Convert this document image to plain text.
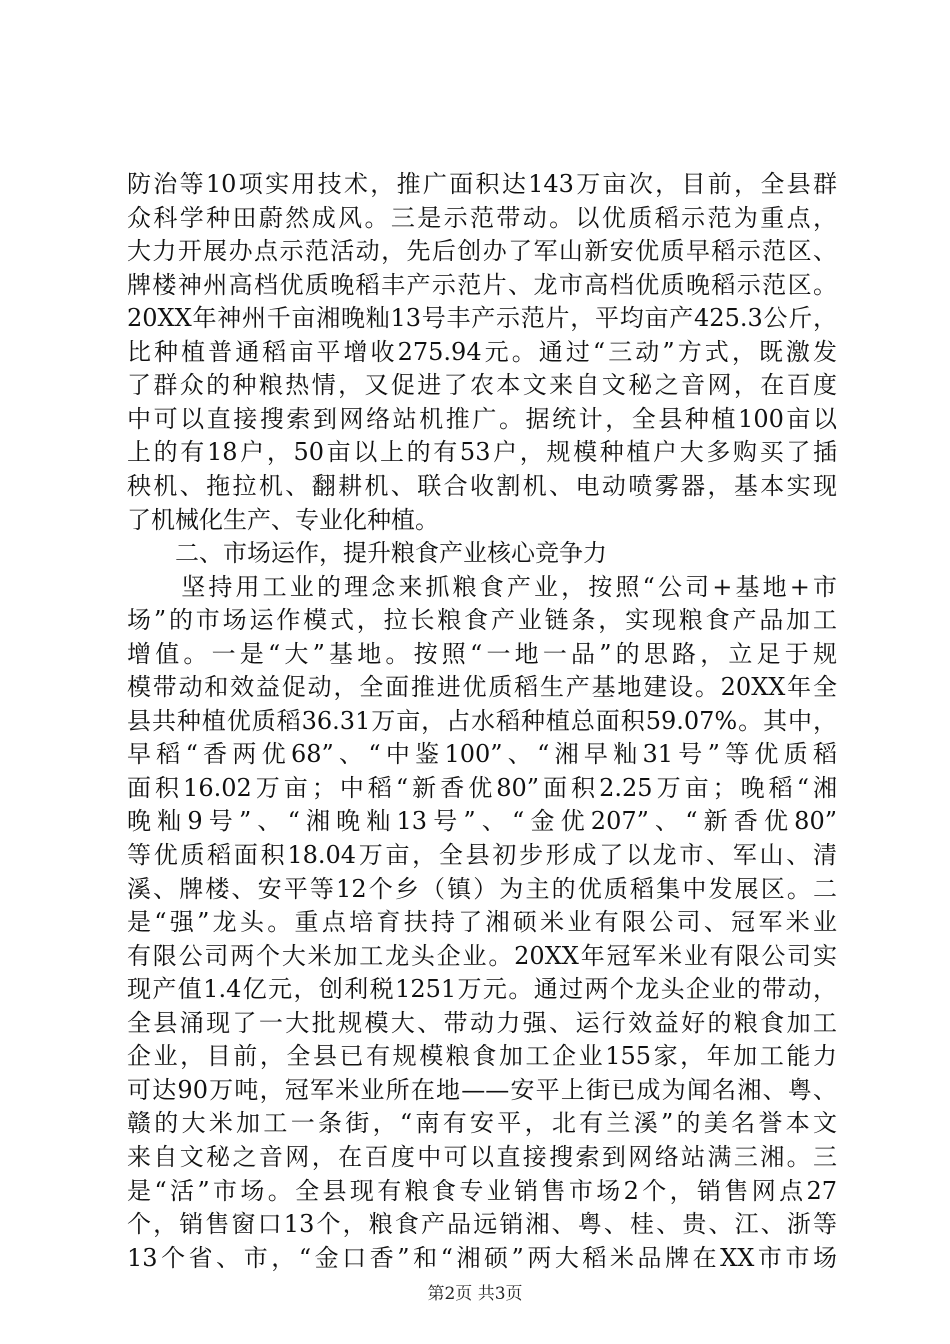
防治等10项实用技术，推广面积达143万亩次，目前，全县群
众科学种田蔚然成风。三是示范带动。以优质稻示范为重点，
大力开展办点示范活动，先后创办了军山新安优质早稻示范区、
牌楼神州高档优质晚稻丰产示范片、龙市高档优质晚稻示范区。
20XX年神州千亩湘晚籼13号丰产示范片，平均亩产425.3公斤，
比种植普通稻亩平增收275.94元。通过“三动”方式，既激发
了群众的种粮热情，又促进了农本文来自文秘之音网，在百度
中可以直接搜索到网络站机推广。据统计，全县种植100亩以
上的有18户，50亩以上的有53户，规模种植户大多购买了插
秧机、拖拉机、翻耕机、联合收割机、电动喷雾器，基本实现
了机械化生产、专业化种植。
　　二、市场运作，提升粮食产业核心竞争力
　　坚持用工业的理念来抓粮食产业，按照“公司+基地+市
场”的市场运作模式，拉长粮食产业链条，实现粮食产品加工
增值。一是“大”基地。按照“一地一品”的思路，立足于规
模带动和效益促动，全面推进优质稻生产基地建设。20XX年全
县共种植优质稻36.31万亩，占水稻种植总面积59.07%。其中，
早稻“香两优68”、“中鉴100”、“湘早籼31号”等优质稻
面积16.02万亩；中稻“新香优80”面积2.25万亩；晚稻“湘
晚籼9号”、“湘晚籼13号”、“金优207”、“新香优80”
等优质稻面积18.04万亩，全县初步形成了以龙市、军山、清
溪、牌楼、安平等12个乡（镇）为主的优质稻集中发展区。二
是“强”龙头。重点培育扶持了湘硕米业有限公司、冠军米业
有限公司两个大米加工龙头企业。20XX年冠军米业有限公司实
现产值1.4亿元，创利税1251万元。通过两个龙头企业的带动，
全县涌现了一大批规模大、带动力强、运行效益好的粮食加工
企业，目前，全县已有规模粮食加工企业155家，年加工能力
可达90万吨，冠军米业所在地——安平上街已成为闻名湘、粤、
赣的大米加工一条街，“南有安平，北有兰溪”的美名誉本文
来自文秘之音网，在百度中可以直接搜索到网络站满三湘。三
是“活”市场。全县现有粮食专业销售市场2个，销售网点27
个，销售窗口13个，粮食产品远销湘、粤、桂、贵、江、浙等
13个省、市，“金口香”和“湘硕”两大稻米品牌在XX市市场
第2页 共3页
